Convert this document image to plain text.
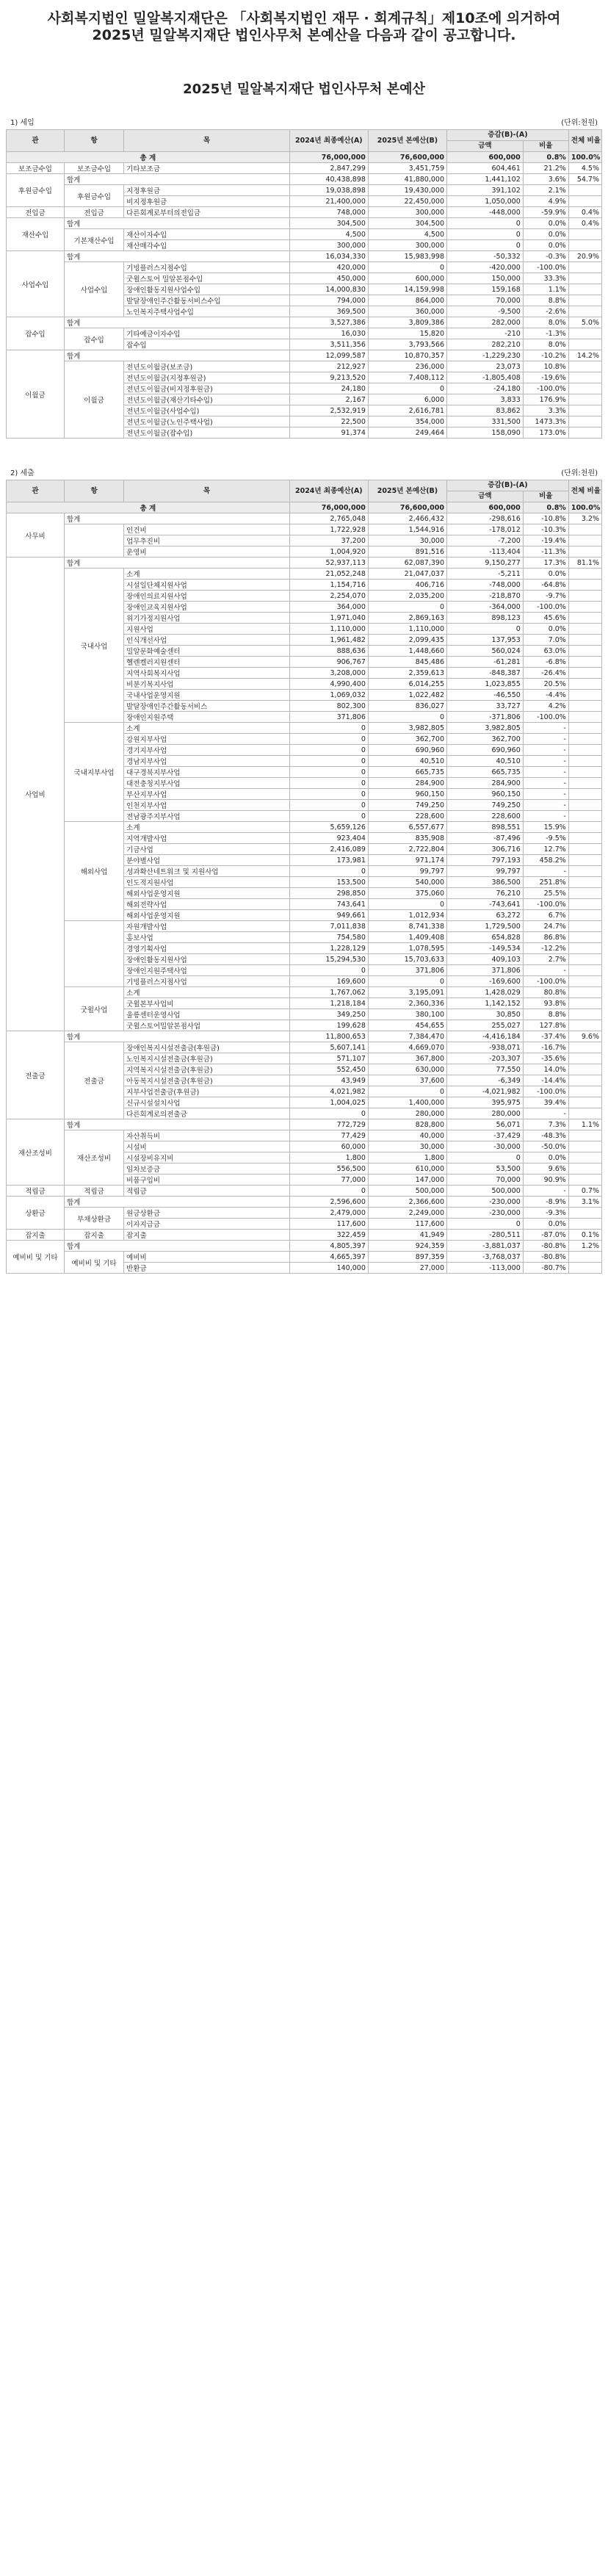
사회복지법인 밀알복지재단은 「사회복지법인 재무 · 회계규칙」제10조에 의거하여
2025년 밀알복지재단 법인사무처 본예산을 다음과 같이 공고합니다.
2025년 밀알복지재단 법인사무처 본예산
1) 세입	(단위:천원)
관	항	목	2024년 최종예산(A)	2025년 본예산(B)	증감(B)-(A)		전체 비율
					금액	비율	
총 계			76,000,000	76,600,000	600,000	0.8%	100.0%
보조금수입	보조금수입	기타보조금	2,847,299	3,451,759	604,461	21.2%	4.5%
후원금수입	합계		40,438,898	41,880,000	1,441,102	3.6%	54.7%
	후원금수입	지정후원금	19,038,898	19,430,000	391,102	2.1%	
		비지정후원금	21,400,000	22,450,000	1,050,000	4.9%	
전입금	전입금	다른회계로부터의전입금	748,000	300,000	-448,000	-59.9%	0.4%
재산수입	합계		304,500	304,500	0	0.0%	0.4%
	기본재산수입	재산이자수입	4,500	4,500	0	0.0%	
		재산매각수입	300,000	300,000	0	0.0%	
사업수입	합계		16,034,330	15,983,998	-50,332	-0.3%	20.9%
	사업수입	기빙플러스지점수입	420,000	0	-420,000	-100.0%	
		굿윌스토어 밀알본점수입	450,000	600,000	150,000	33.3%	
		장애인활동지원사업수입	14,000,830	14,159,998	159,168	1.1%	
		발달장애인주간활동서비스수입	794,000	864,000	70,000	8.8%	
		노인복지주택사업수입	369,500	360,000	-9,500	-2.6%	
잡수입	합계		3,527,386	3,809,386	282,000	8.0%	5.0%
	잡수입	기타예금이자수입	16,030	15,820	-210	-1.3%	
		잡수입	3,511,356	3,793,566	282,210	8.0%	
이월금	합계		12,099,587	10,870,357	-1,229,230	-10.2%	14.2%
	이월금	전년도이월금(보조금)	212,927	236,000	23,073	10.8%	
		전년도이월금(지정후원금)	9,213,520	7,408,112	-1,805,408	-19.6%	
		전년도이월금(비지정후원금)	24,180	0	-24,180	-100.0%	
		전년도이월금(재산기타수입)	2,167	6,000	3,833	176.9%	
		전년도이월금(사업수입)	2,532,919	2,616,781	83,862	3.3%	
		전년도이월금(노인주택사업)	22,500	354,000	331,500	1473.3%	
		전년도이월금(잡수입)	91,374	249,464	158,090	173.0%	
2) 세출	(단위:천원)
관	항	목	2024년 최종예산(A)	2025년 본예산(B)	증감(B)-(A)		전체 비율
					금액	비율	
총 계			76,000,000	76,600,000	600,000	0.8%	100.0%
사무비	합계		2,765,048	2,466,432	-298,616	-10.8%	3.2%
		인건비	1,722,928	1,544,916	-178,012	-10.3%	
		업무추진비	37,200	30,000	-7,200	-19.4%	
		운영비	1,004,920	891,516	-113,404	-11.3%	
사업비	합계		52,937,113	62,087,390	9,150,277	17.3%	81.1%
	국내사업	소계	21,052,248	21,047,037	-5,211	0.0%	
		시설일단체지원사업	1,154,716	406,716	-748,000	-64.8%	
		장애인의료지원사업	2,254,070	2,035,200	-218,870	-9.7%	
		장애인교육지원사업	364,000	0	-364,000	-100.0%	
		위기가정지원사업	1,971,040	2,869,163	898,123	45.6%	
		지원사업	1,110,000	1,110,000	0	0.0%	
		인식개선사업	1,961,482	2,099,435	137,953	7.0%	
		밀알문화예술센터	888,636	1,448,660	560,024	63.0%	
		헬렌켈러지원센터	906,767	845,486	-61,281	-6.8%	
		지역사회복지사업	3,208,000	2,359,613	-848,387	-26.4%	
		비분기복지사업	4,990,400	6,014,255	1,023,855	20.5%	
		국내사업운영지원	1,069,032	1,022,482	-46,550	-4.4%	
		발달장애인주간활동서비스	802,300	836,027	33,727	4.2%	
		장애인지원주택	371,806	0	-371,806	-100.0%	
	국내지부사업	소계	0	3,982,805	3,982,805	-	
		강원지부사업	0	362,700	362,700	-	
		경기지부사업	0	690,960	690,960	-	
		경남지부사업	0	40,510	40,510	-	
		대구경북지부사업	0	665,735	665,735	-	
		대전충청지부사업	0	284,900	284,900	-	
		부산지부사업	0	960,150	960,150	-	
		인천지부사업	0	749,250	749,250	-	
		전남광주지부사업	0	228,600	228,600	-	
	해외사업	소계	5,659,126	6,557,677	898,551	15.9%	
		지역개발사업	923,404	835,908	-87,496	-9.5%	
		기금사업	2,416,089	2,722,804	306,716	12.7%	
		분야별사업	173,981	971,174	797,193	458.2%	
		성과확산네트워크 및 지원사업	0	99,797	99,797	-	
		인도적지원사업	153,500	540,000	386,500	251.8%	
		해외사업운영지원	298,850	375,060	76,210	25.5%	
		해외전략사업	743,641	0	-743,641	-100.0%	
		해외사업운영지원	949,661	1,012,934	63,272	6.7%	
		자원개발사업	7,011,838	8,741,338	1,729,500	24.7%	
		홍보사업	754,580	1,409,408	654,828	86.8%	
		경영기획사업	1,228,129	1,078,595	-149,534	-12.2%	
		장애인활동지원사업	15,294,530	15,703,633	409,103	2.7%	
		장애인지원주택사업	0	371,806	371,806	-	
		기빙플러스지점사업	169,600	0	-169,600	-100.0%	
	굿윌사업	소계	1,767,062	3,195,091	1,428,029	80.8%	
		굿윌본부사업비	1,218,184	2,360,336	1,142,152	93.8%	
		울릉센터운영사업	349,250	380,100	30,850	8.8%	
		굿윌스토어밀알본점사업	199,628	454,655	255,027	127.8%	
전출금	합계		11,800,653	7,384,470	-4,416,184	-37.4%	9.6%
	전출금	장애인복지시설전출금(후원금)	5,607,141	4,669,070	-938,071	-16.7%	
		노인복지시설전출금(후원금)	571,107	367,800	-203,307	-35.6%	
		지역복지시설전출금(후원금)	552,450	630,000	77,550	14.0%	
		아동복지시설전출금(후원금)	43,949	37,600	-6,349	-14.4%	
		지부사업전출금(후원금)	4,021,982	0	-4,021,982	-100.0%	
		신규시설설치사업	1,004,025	1,400,000	395,975	39.4%	
		다른회계로의전출금	0	280,000	280,000	-	
재산조성비	합계		772,729	828,800	56,071	7.3%	1.1%
	재산조성비	자산취득비	77,429	40,000	-37,429	-48.3%	
		시설비	60,000	30,000	-30,000	-50.0%	
		시설장비유지비	1,800	1,800	0	0.0%	
		임차보증금	556,500	610,000	53,500	9.6%	
		비품구입비	77,000	147,000	70,000	90.9%	
적립금	적립금	적립금	0	500,000	500,000	-	0.7%
상환금	합계		2,596,600	2,366,600	-230,000	-8.9%	3.1%
	부채상환금	원금상환금	2,479,000	2,249,000	-230,000	-9.3%	
		이자지급금	117,600	117,600	0	0.0%	
잡지출	잡지출	잡지출	322,459	41,949	-280,511	-87.0%	0.1%
예비비 및 기타	합계		4,805,397	924,359	-3,881,037	-80.8%	1.2%
	예비비 및 기타	예비비	4,665,397	897,359	-3,768,037	-80.8%	
		반환금	140,000	27,000	-113,000	-80.7%	
